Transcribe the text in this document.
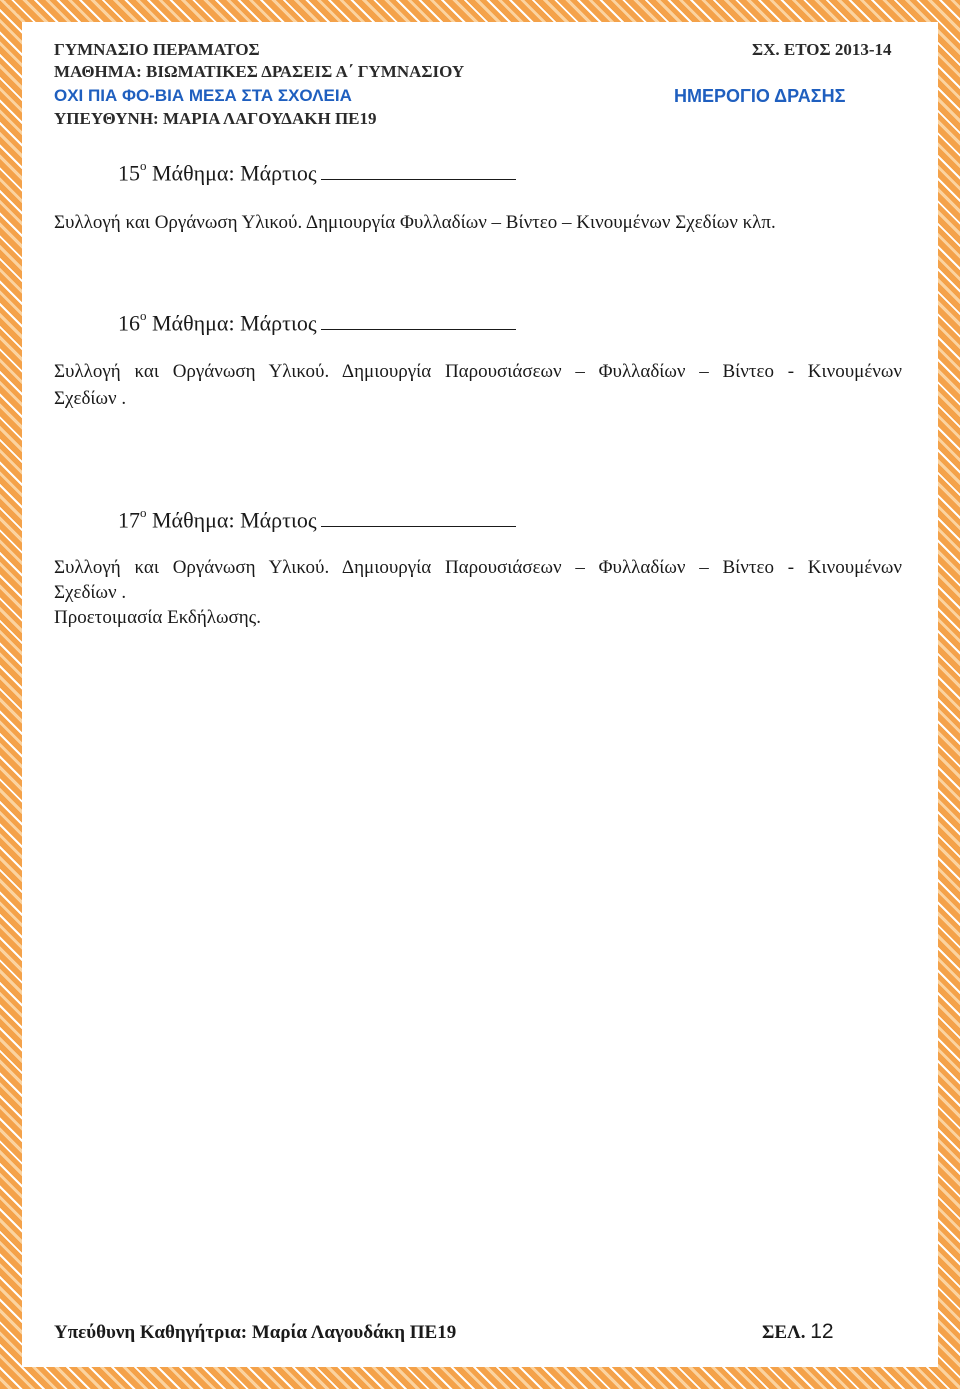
ΓΥΜΝΑΣΙΟ ΠΕΡΑΜΑΤΟΣ	ΣΧ. ΕΤΟΣ 2013-14
ΜΑΘΗΜΑ: ΒΙΩΜΑΤΙΚΕΣ ΔΡΑΣΕΙΣ Α΄ ΓΥΜΝΑΣΙΟΥ
ΟΧΙ ΠΙΑ ΦΟ-ΒΙΑ ΜΕΣΑ ΣΤΑ ΣΧΟΛΕΙΑ	ΗΜΕΡΟΓΙΟ ΔΡΑΣΗΣ
ΥΠΕΥΘΥΝΗ: ΜΑΡΙΑ ΛΑΓΟΥΔΑΚΗ ΠΕ19
$15^o$ Μάθημα: Μάρτιος
Συλλογή και Οργάνωση Υλικού. Δημιουργία Φυλλαδίων – Βίντεο – Κινουμένων Σχεδίων κλπ.
$16^o$ Μάθημα: Μάρτιος
Συλλογή και Οργάνωση Υλικού. Δημιουργία Παρουσιάσεων – Φυλλαδίων – Βίντεο - Κινουμένων
Σχεδίων .
$17^o$ Μάθημα: Μάρτιος
Συλλογή και Οργάνωση Υλικού. Δημιουργία Παρουσιάσεων – Φυλλαδίων – Βίντεο - Κινουμένων
Σχεδίων .
Προετοιμασία Εκδήλωσης.
Υπεύθυνη Καθηγήτρια: Μαρία Λαγουδάκη ΠΕ19	ΣΕΛ. 12
